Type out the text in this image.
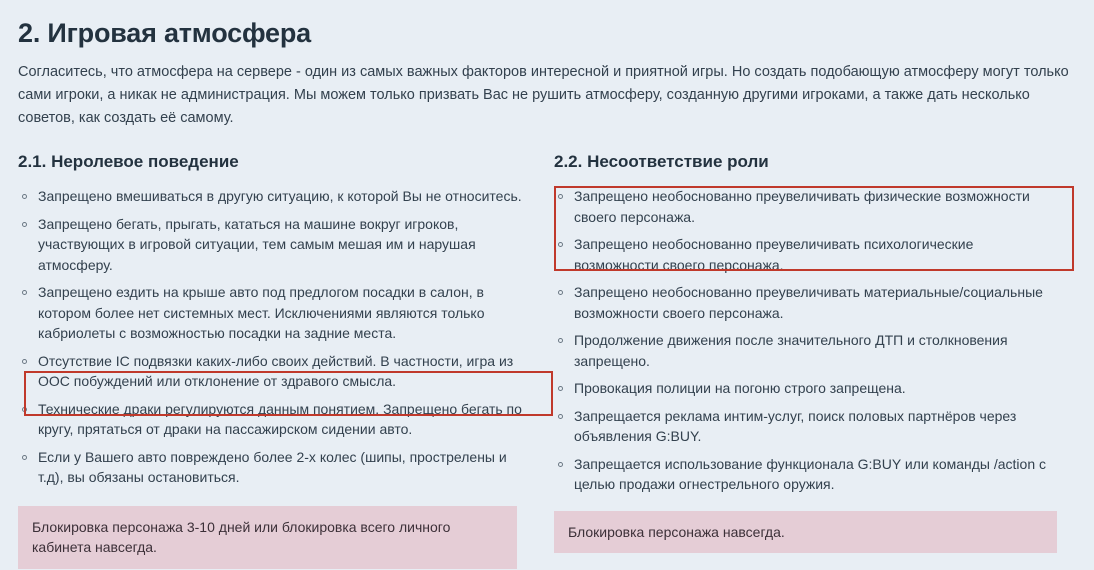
2. Игровая атмосфера

Согласитесь, что атмосфера на сервере - один из самых важных факторов интересной и приятной игры. Но создать подобающую атмосферу могут только сами игроки, а никак не администрация. Мы можем только призвать Вас не рушить атмосферу, созданную другими игроками, а также дать несколько советов, как создать её самому.

2.1. Неролевое поведение
Запрещено вмешиваться в другую ситуацию, к которой Вы не относитесь.
Запрещено бегать, прыгать, кататься на машине вокруг игроков, участвующих в игровой ситуации, тем самым мешая им и нарушая атмосферу.
Запрещено ездить на крыше авто под предлогом посадки в салон, в котором более нет системных мест. Исключениями являются только кабриолеты с возможностью посадки на задние места.
Отсутствие IC подвязки каких-либо своих действий. В частности, игра из ООС побуждений или отклонение от здравого смысла.
Технические драки регулируются данным понятием. Запрещено бегать по кругу, прятаться от драки на пассажирском сидении авто.
Если у Вашего авто повреждено более 2-х колес (шипы, прострелены и т.д), вы обязаны остановиться.
Блокировка персонажа 3-10 дней или блокировка всего личного кабинета навсегда.
2.2. Несоответствие роли
Запрещено необоснованно преувеличивать физические возможности своего персонажа.
Запрещено необоснованно преувеличивать психологические возможности своего персонажа.
Запрещено необоснованно преувеличивать материальные/социальные возможности своего персонажа.
Продолжение движения после значительного ДТП и столкновения запрещено.
Провокация полиции на погоню строго запрещена.
Запрещается реклама интим-услуг, поиск половых партнёров через объявления G:BUY.
Запрещается использование функционала G:BUY или команды /action с целью продажи огнестрельного оружия.
Блокировка персонажа навсегда.
